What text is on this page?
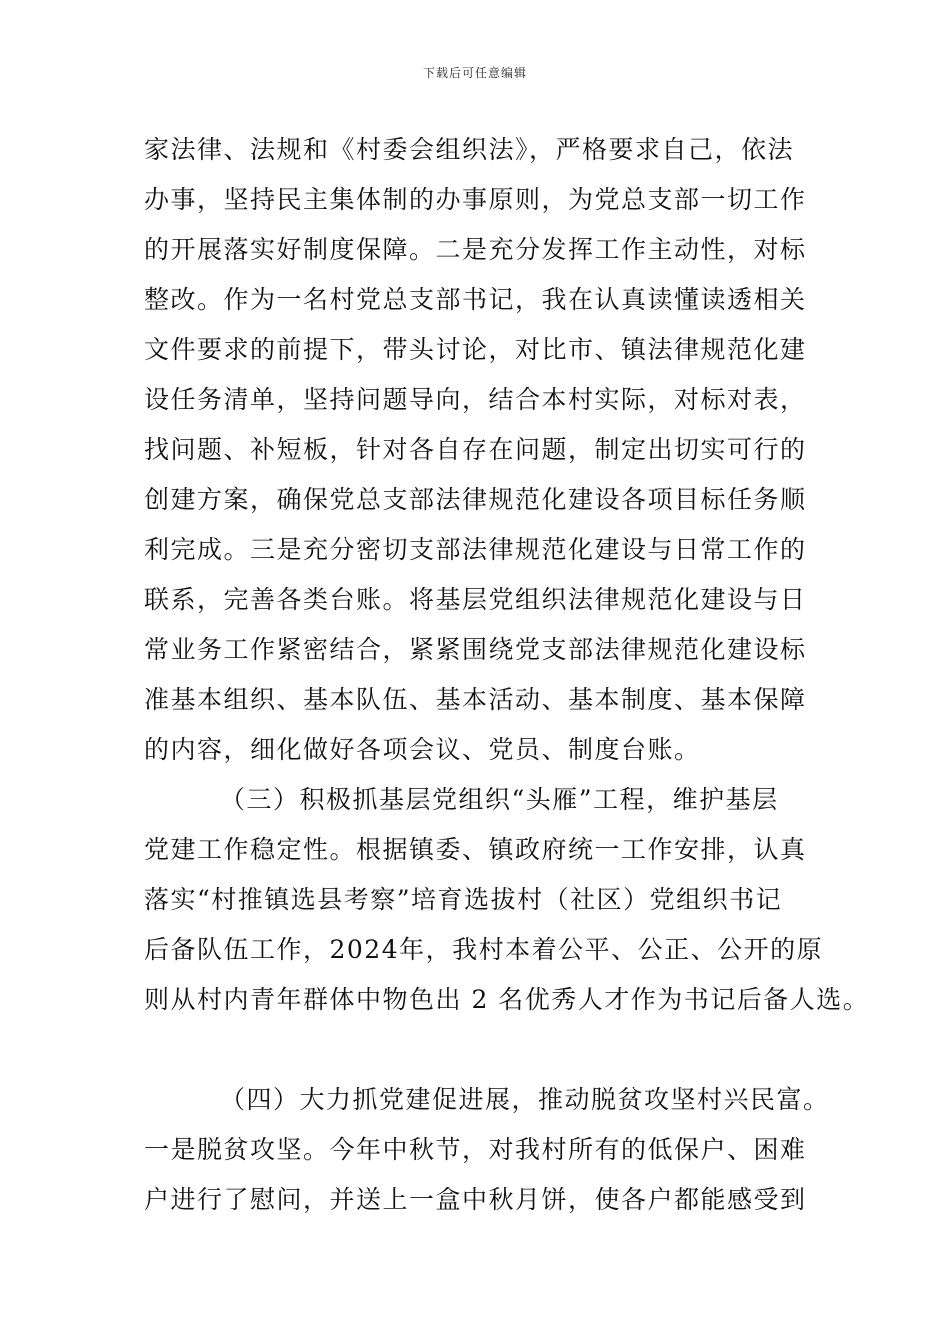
下载后可任意编辑

家法律、法规和《村委会组织法》，严格要求自己，依法

办事，坚持民主集体制的办事原则，为党总支部一切工作

的开展落实好制度保障。二是充分发挥工作主动性，对标

整改。作为一名村党总支部书记，我在认真读懂读透相关

文件要求的前提下，带头讨论，对比市、镇法律规范化建

设任务清单，坚持问题导向，结合本村实际，对标对表，

找问题、补短板，针对各自存在问题，制定出切实可行的

创建方案，确保党总支部法律规范化建设各项目标任务顺

利完成。三是充分密切支部法律规范化建设与日常工作的

联系，完善各类台账。将基层党组织法律规范化建设与日

常业务工作紧密结合，紧紧围绕党支部法律规范化建设标

准基本组织、基本队伍、基本活动、基本制度、基本保障

的内容，细化做好各项会议、党员、制度台账。

（三）积极抓基层党组织“头雁”工程，维护基层

党建工作稳定性。根据镇委、镇政府统一工作安排，认真

落实“村推镇选县考察”培育选拔村（社区）党组织书记

后备队伍工作，2024年，我村本着公平、公正、公开的原

则从村内青年群体中物色出 2 名优秀人才作为书记后备人选。

（四）大力抓党建促进展，推动脱贫攻坚村兴民富。

一是脱贫攻坚。今年中秋节，对我村所有的低保户、困难

户进行了慰问，并送上一盒中秋月饼，使各户都能感受到
